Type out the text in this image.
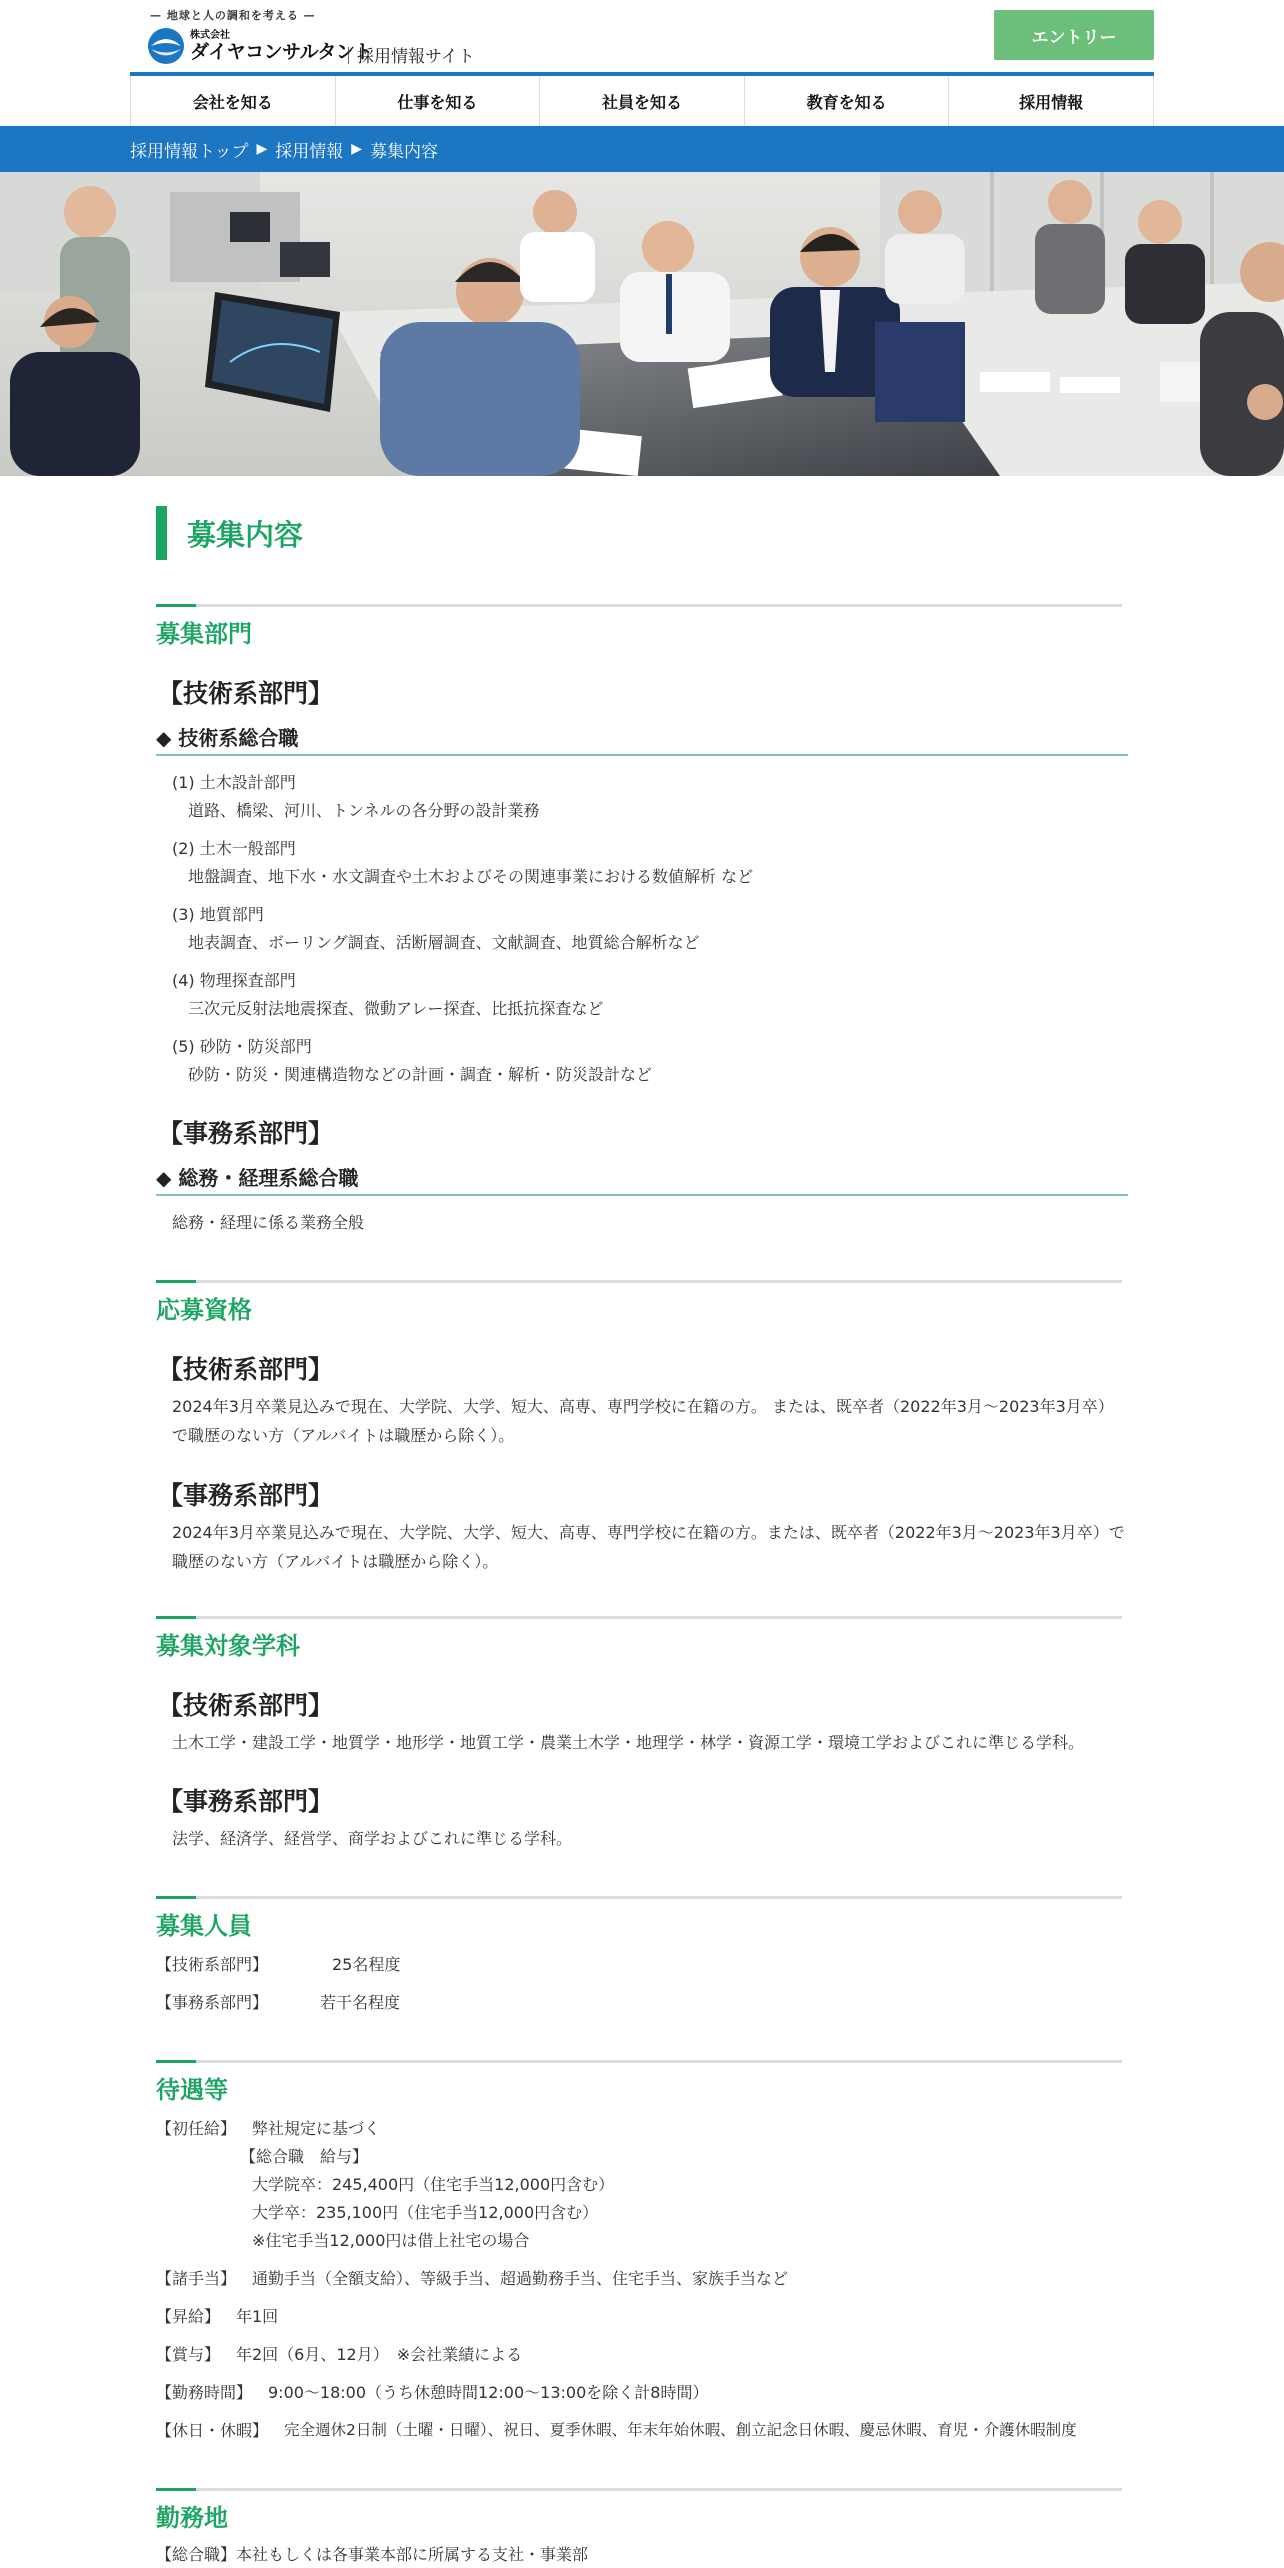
— 地球と人の調和を考える —
株式会社
ダイヤコンサルタント
｜採用情報サイト
エントリー
会社を知る	仕事を知る	社員を知る	教育を知る	採用情報
採用情報トップ ▶ 採用情報 ▶ 募集内容
募集内容
募集部門
【技術系部門】
◆ 技術系総合職
(1) 土木設計部門
道路、橋梁、河川、トンネルの各分野の設計業務
(2) 土木一般部門
地盤調査、地下水・水文調査や土木およびその関連事業における数値解析 など
(3) 地質部門
地表調査、ボーリング調査、活断層調査、文献調査、地質総合解析など
(4) 物理探査部門
三次元反射法地震探査、微動アレー探査、比抵抗探査など
(5) 砂防・防災部門
砂防・防災・関連構造物などの計画・調査・解析・防災設計など
【事務系部門】
◆ 総務・経理系総合職
総務・経理に係る業務全般
応募資格
【技術系部門】
2024年3月卒業見込みで現在、大学院、大学、短大、高専、専門学校に在籍の方。 または、既卒者（2022年3月～2023年3月卒）で職歴のない方（アルバイトは職歴から除く）。
【事務系部門】
2024年3月卒業見込みで現在、大学院、大学、短大、高専、専門学校に在籍の方。または、既卒者（2022年3月～2023年3月卒）で職歴のない方（アルバイトは職歴から除く）。
募集対象学科
【技術系部門】
土木工学・建設工学・地質学・地形学・地質工学・農業土木学・地理学・林学・資源工学・環境工学およびこれに準じる学科。
【事務系部門】
法学、経済学、経営学、商学およびこれに準じる学科。
募集人員
【技術系部門】	25名程度
【事務系部門】	若干名程度
待遇等
【初任給】 弊社規定に基づく
【総合職　給与】
大学院卒：245,400円（住宅手当12,000円含む）
大学卒：235,100円（住宅手当12,000円含む）
※住宅手当12,000円は借上社宅の場合
【諸手当】 通勤手当（全額支給）、等級手当、超過勤務手当、住宅手当、家族手当など
【昇給】 年1回
【賞与】 年2回（6月、12月）　※会社業績による
【勤務時間】 9:00～18:00（うち休憩時間12:00～13:00を除く計8時間）
【休日・休暇】 完全週休2日制（土曜・日曜）、祝日、夏季休暇、年末年始休暇、創立記念日休暇、慶忌休暇、育児・介護休暇制度
勤務地
【総合職】本社もしくは各事業本部に所属する支社・事業部
